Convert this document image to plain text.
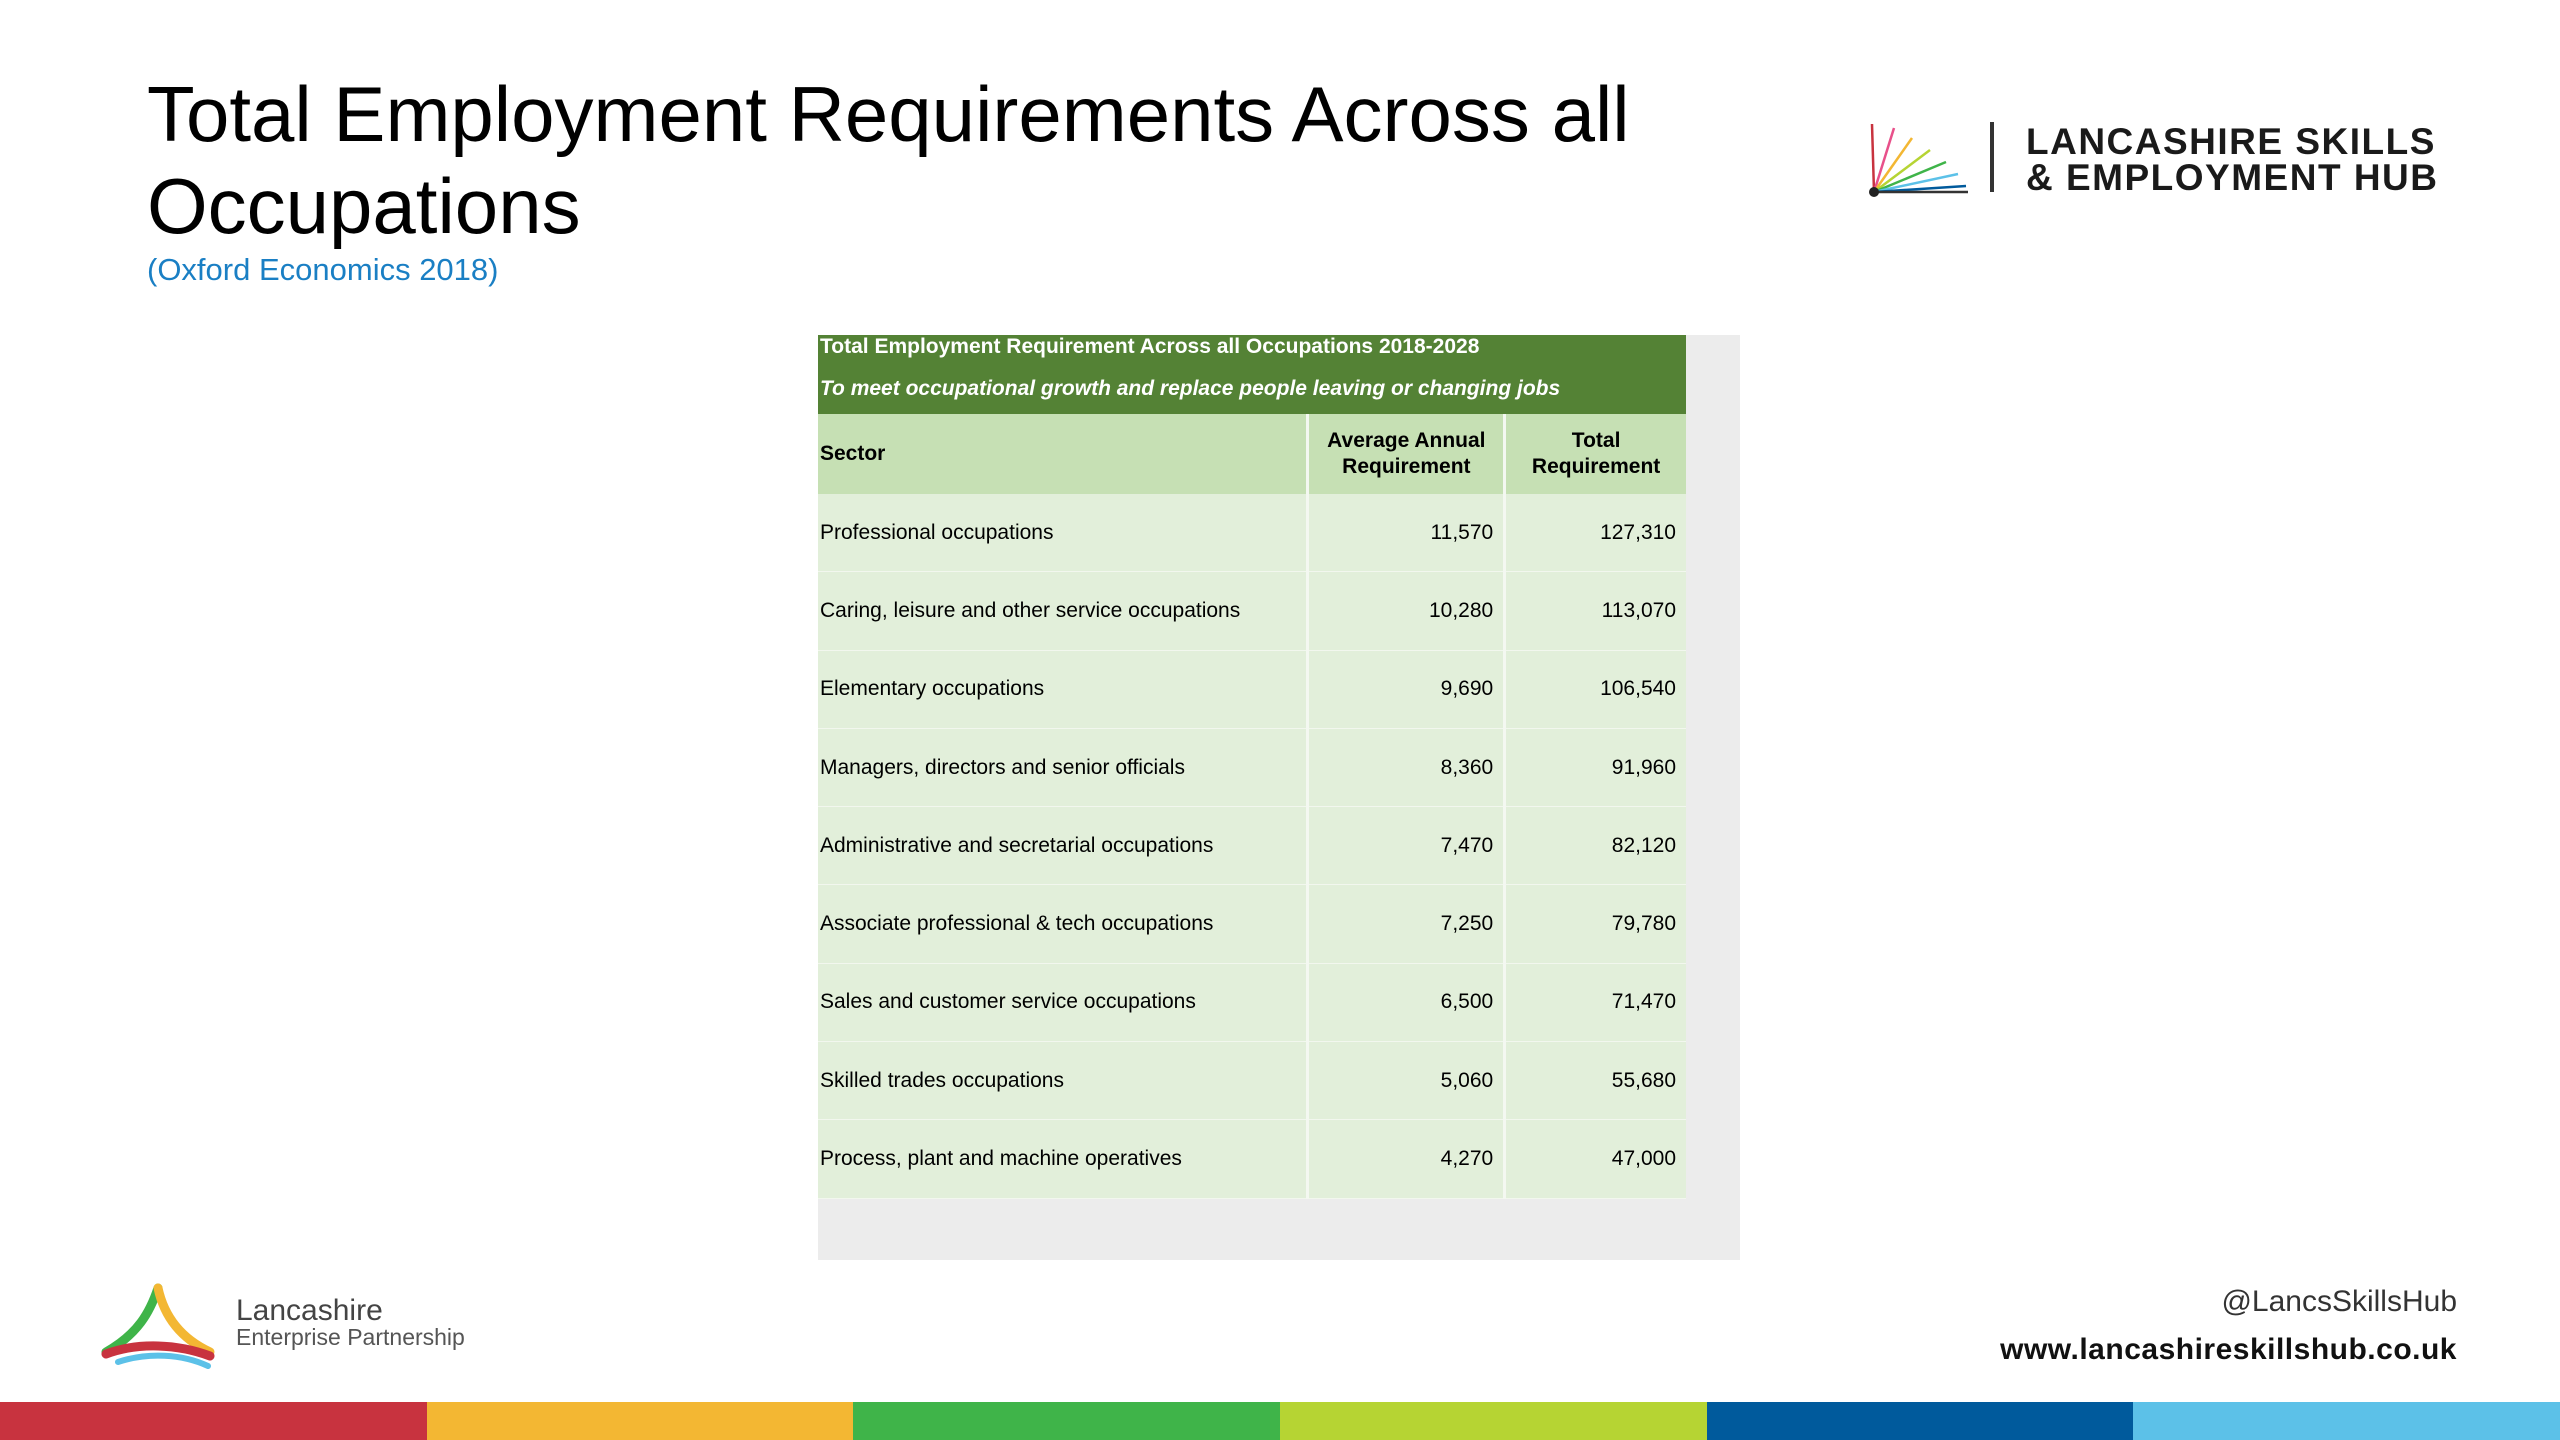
Total Employment Requirements Across all Occupations

(Oxford Economics 2018)

LANCASHIRE SKILLS
& EMPLOYMENT HUB
Total Employment Requirement Across all Occupations 2018-2028		
To meet occupational growth and replace people leaving or changing jobs		
Sector	Average Annual Requirement	Total Requirement
Professional occupations	11,570	127,310
Caring, leisure and other service occupations	10,280	113,070
Elementary occupations	9,690	106,540
Managers, directors and senior officials	8,360	91,960
Administrative and secretarial occupations	7,470	82,120
Associate professional & tech occupations	7,250	79,780
Sales and customer service occupations	6,500	71,470
Skilled trades occupations	5,060	55,680
Process, plant and machine operatives	4,270	47,000
Lancashire
Enterprise Partnership
@LancsSkillsHub
www.lancashireskillshub.co.uk
